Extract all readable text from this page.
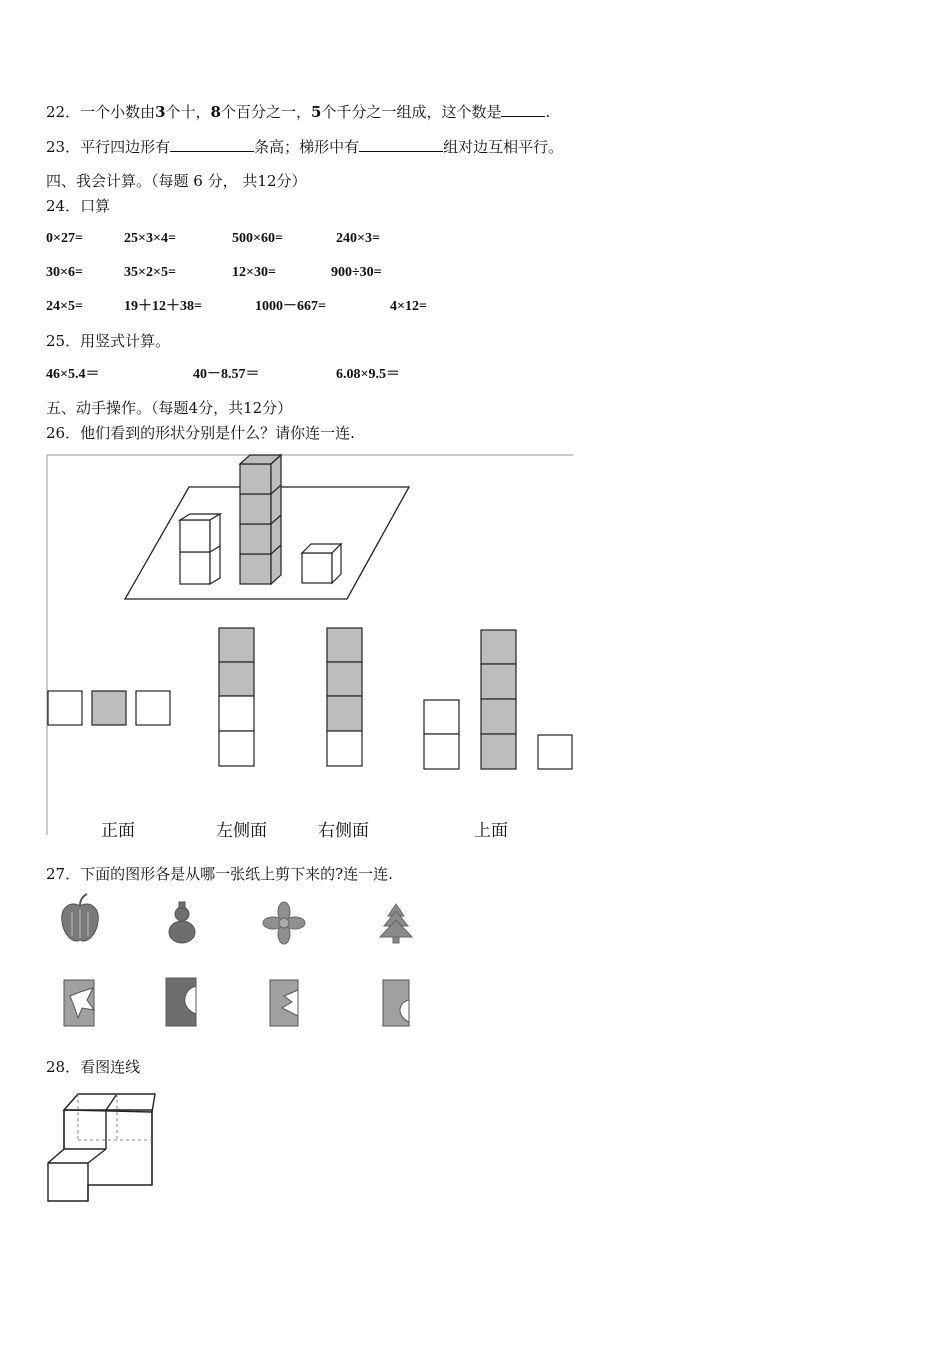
22．一个小数由3个十，8个百分之一，5个千分之一组成，这个数是	.
23．平行四边形有	条高；梯形中有	组对边互相平行。
四、我会计算。（每题 6 分， 共12分）
24．口算
0×27=	25×3×4=	500×60=	240×3=
30×6=	35×2×5=	12×30=	900÷30=
24×5=	19＋12＋38=	1000－667=	4×12=
25．用竖式计算。
46×5.4＝	40－8.57＝	6.08×9.5＝
五、动手操作。（每题4分，共12分）
26．他们看到的形状分别是什么？请你连一连.
正面	左侧面	右侧面	上面
27．下面的图形各是从哪一张纸上剪下来的?连一连.
28．看图连线
